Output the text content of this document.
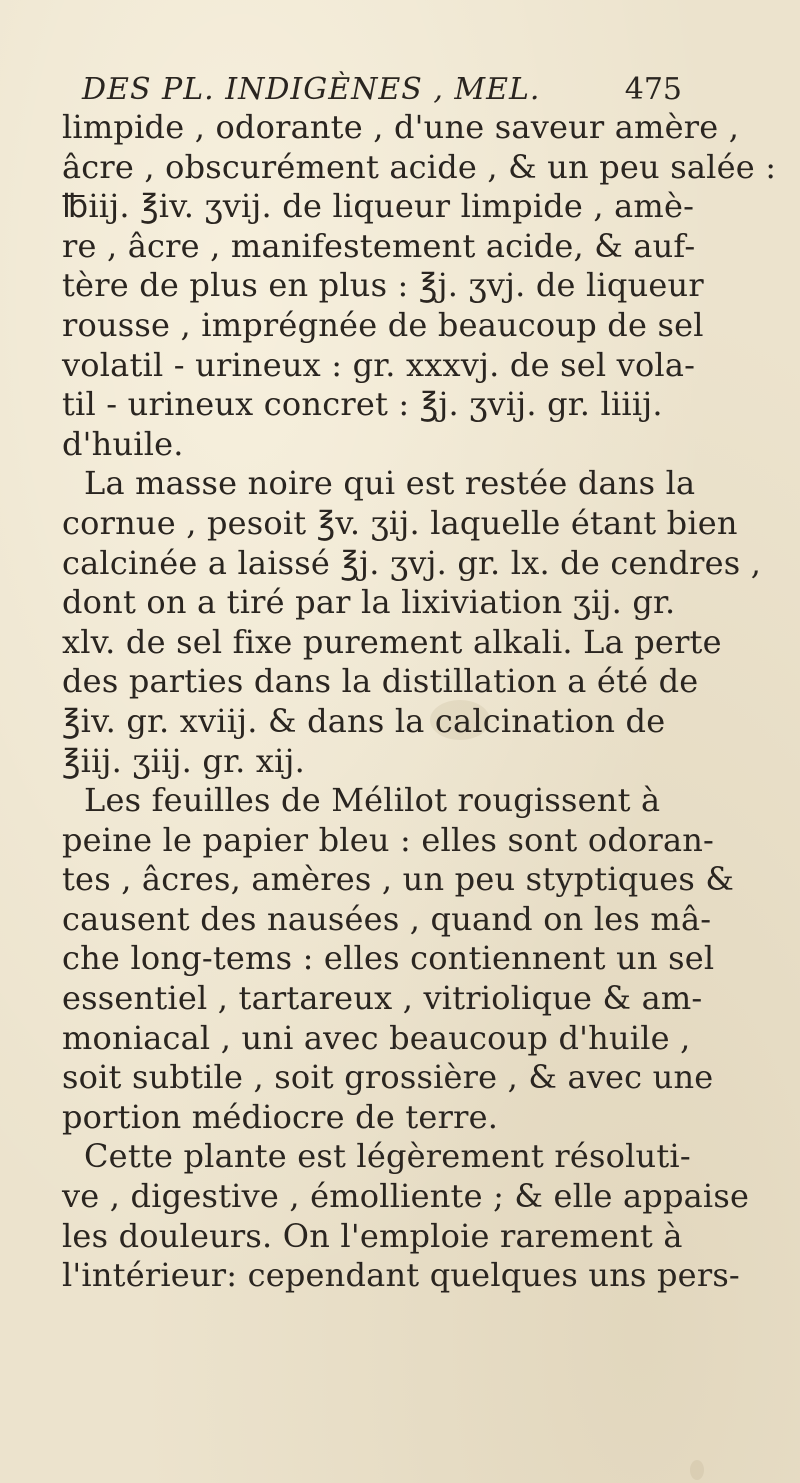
DES PL. INDIGÈNES , MEL.	475
limpide , odorante , d'une saveur amère ,
âcre , obscurément acide , & un peu salée :
℔iij. ℥iv. ʒvij. de liqueur limpide , amè-
re , âcre , manifestement acide, & auf-
tère de plus en plus : ℥j. ʒvj. de liqueur
rousse , imprégnée de beaucoup de sel
volatil - urineux : gr. xxxvj. de sel vola-
til - urineux concret : ℥j. ʒvij. gr. liiij.
d'huile.
La masse noire qui est restée dans la
cornue , pesoit ℥v. ʒij. laquelle étant bien
calcinée a laissé ℥j. ʒvj. gr. lx. de cendres ,
dont on a tiré par la lixiviation ʒij. gr.
xlv. de sel fixe purement alkali. La perte
des parties dans la distillation a été de
℥iv. gr. xviij. & dans la calcination de
℥iij. ʒiij. gr. xij.
Les feuilles de Mélilot rougissent à
peine le papier bleu : elles sont odoran-
tes , âcres, amères , un peu styptiques &
causent des nausées , quand on les mâ-
che long-tems : elles contiennent un sel
essentiel , tartareux , vitriolique & am-
moniacal , uni avec beaucoup d'huile ,
soit subtile , soit grossière , & avec une
portion médiocre de terre.
Cette plante est légèrement résoluti-
ve , digestive , émolliente ; & elle appaise
les douleurs. On l'emploie rarement à
l'intérieur: cependant quelques uns pers-
